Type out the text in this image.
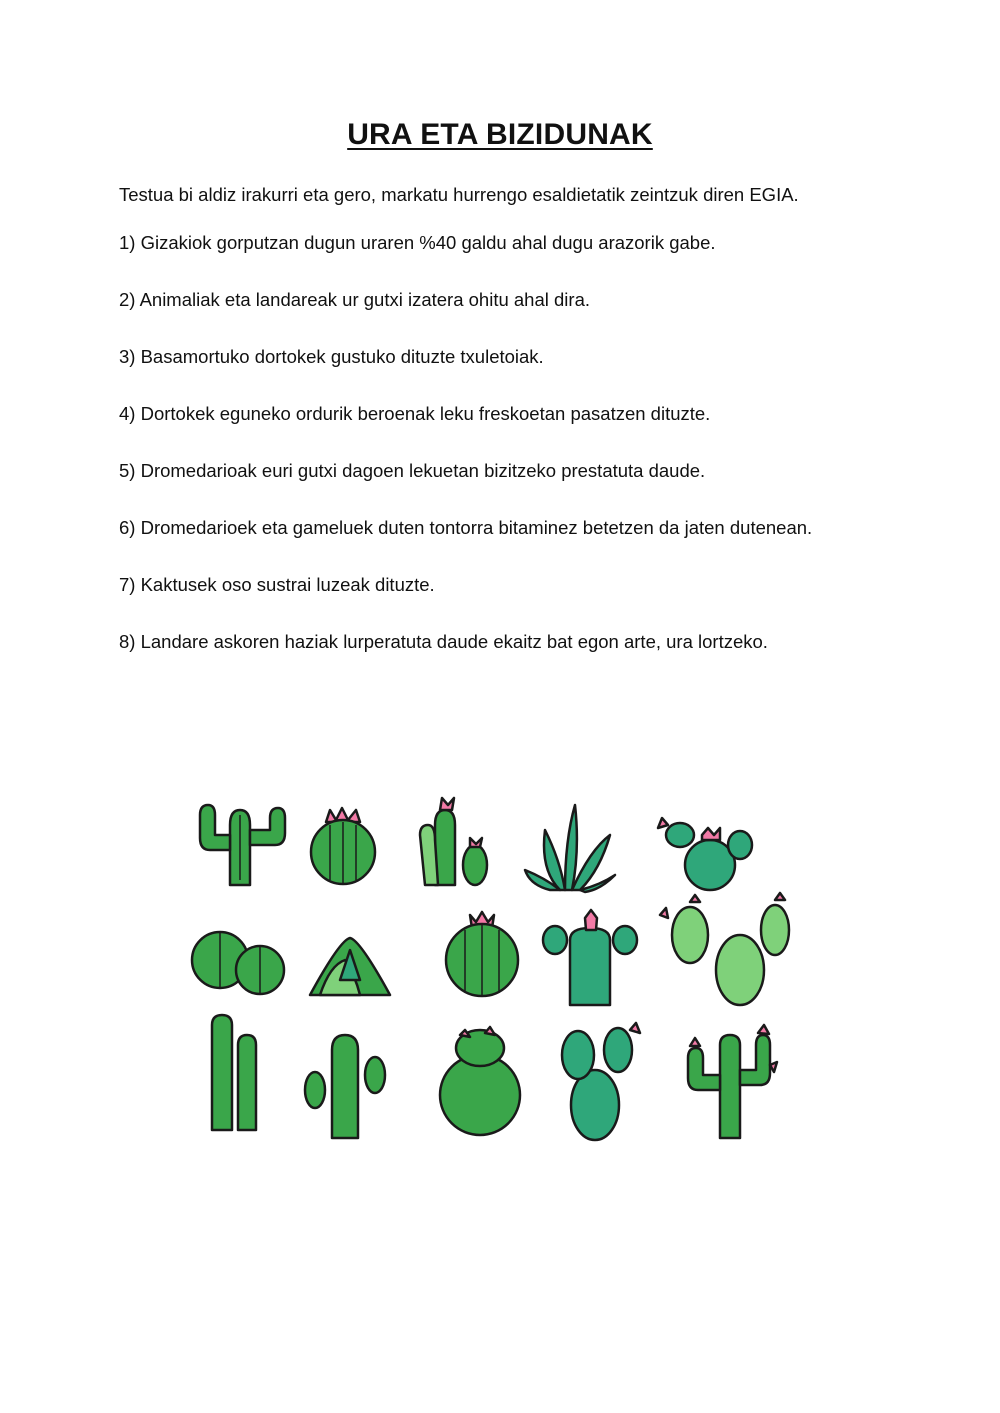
URA ETA BIZIDUNAK
Testua bi aldiz irakurri eta gero, markatu hurrengo esaldietatik zeintzuk diren EGIA.
1) Gizakiok gorputzan dugun uraren %40 galdu ahal dugu arazorik gabe.
2) Animaliak eta landareak ur gutxi izatera ohitu ahal dira.
3) Basamortuko dortokek gustuko dituzte txuletoiak.
4) Dortokek eguneko ordurik beroenak leku freskoetan pasatzen dituzte.
5) Dromedarioak euri gutxi dagoen lekuetan bizitzeko prestatuta daude.
6) Dromedarioek eta gameluek duten tontorra bitaminez betetzen da jaten dutenean.
7) Kaktusek oso sustrai luzeak dituzte.
8) Landare askoren haziak lurperatuta daude ekaitz bat egon arte, ura lortzeko.
